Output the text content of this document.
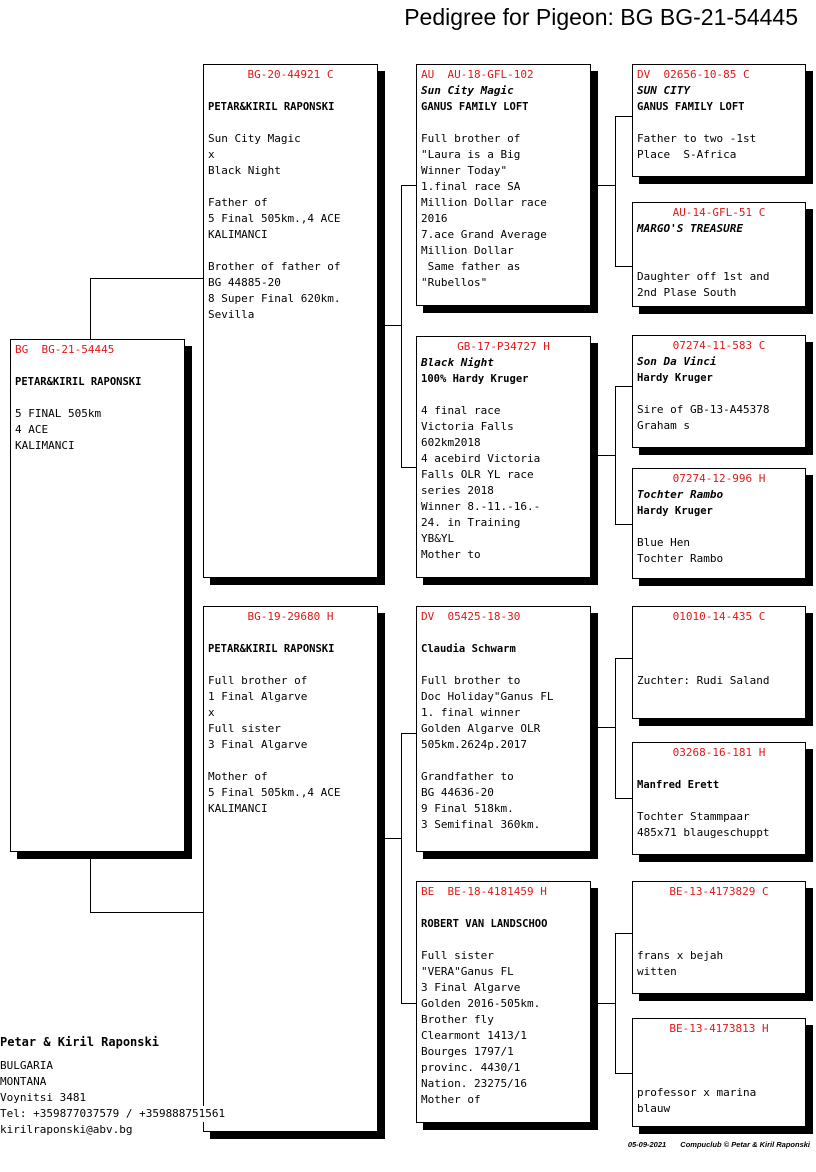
Pedigree for Pigeon: BG BG-21-54445
BG  BG-21-54445
PETAR&KIRIL RAPONSKI
5 FINAL 505km
4 ACE
KALIMANCI
BG-20-44921 C
PETAR&KIRIL RAPONSKI
Sun City Magic
x
Black Night

Father of
5 Final 505km.,4 ACE
KALIMANCI

Brother of father of
BG 44885-20
8 Super Final 620km.
Sevilla
BG-19-29680 H
PETAR&KIRIL RAPONSKI
Full brother of
1 Final Algarve
x
Full sister
3 Final Algarve

Mother of
5 Final 505km.,4 ACE
KALIMANCI
AU  AU-18-GFL-102
Sun City Magic
GANUS FAMILY LOFT
Full brother of
"Laura is a Big
Winner Today"
1.final race SA
Million Dollar race
2016
7.ace Grand Average
Million Dollar
Same father as
"Rubellos"
GB-17-P34727 H
Black Night
100% Hardy Kruger
4 final race
Victoria Falls
602km2018
4 acebird Victoria
Falls OLR YL race
series 2018
Winner 8.-11.-16.-
24. in Training
YB&YL
Mother to
DV  05425-18-30
Claudia Schwarm
Full brother to
Doc Holiday"Ganus FL
1. final winner
Golden Algarve OLR
505km.2624p.2017

Grandfather to
BG 44636-20
9 Final 518km.
3 Semifinal 360km.
BE  BE-18-4181459 H
ROBERT VAN LANDSCHOO
Full sister
"VERA"Ganus FL
3 Final Algarve
Golden 2016-505km.
Brother fly
Clearmont 1413/1
Bourges 1797/1
provinc. 4430/1
Nation. 23275/16
Mother of
DV  02656-10-85 C
SUN CITY
GANUS FAMILY LOFT
Father to two -1st
Place  S-Africa
AU-14-GFL-51 C
MARGO'S TREASURE
Daughter off 1st and
2nd Plase South
07274-11-583 C
Son Da Vinci
Hardy Kruger
Sire of GB-13-A45378
Graham s
07274-12-996 H
Tochter Rambo
Hardy Kruger
Blue Hen
Tochter Rambo
01010-14-435 C
Zuchter: Rudi Saland
03268-16-181 H
Manfred Erett
Tochter Stammpaar
485x71 blaugeschuppt
BE-13-4173829 C
frans x bejah
witten
BE-13-4173813 H
professor x marina
blauw
Petar & Kiril Raponski
BULGARIA
MONTANA
Voynitsi 3481
Tel: +359877037579 / +359888751561
kirilraponski@abv.bg
05-09-2021 Compuclub © Petar & Kiril Raponski
